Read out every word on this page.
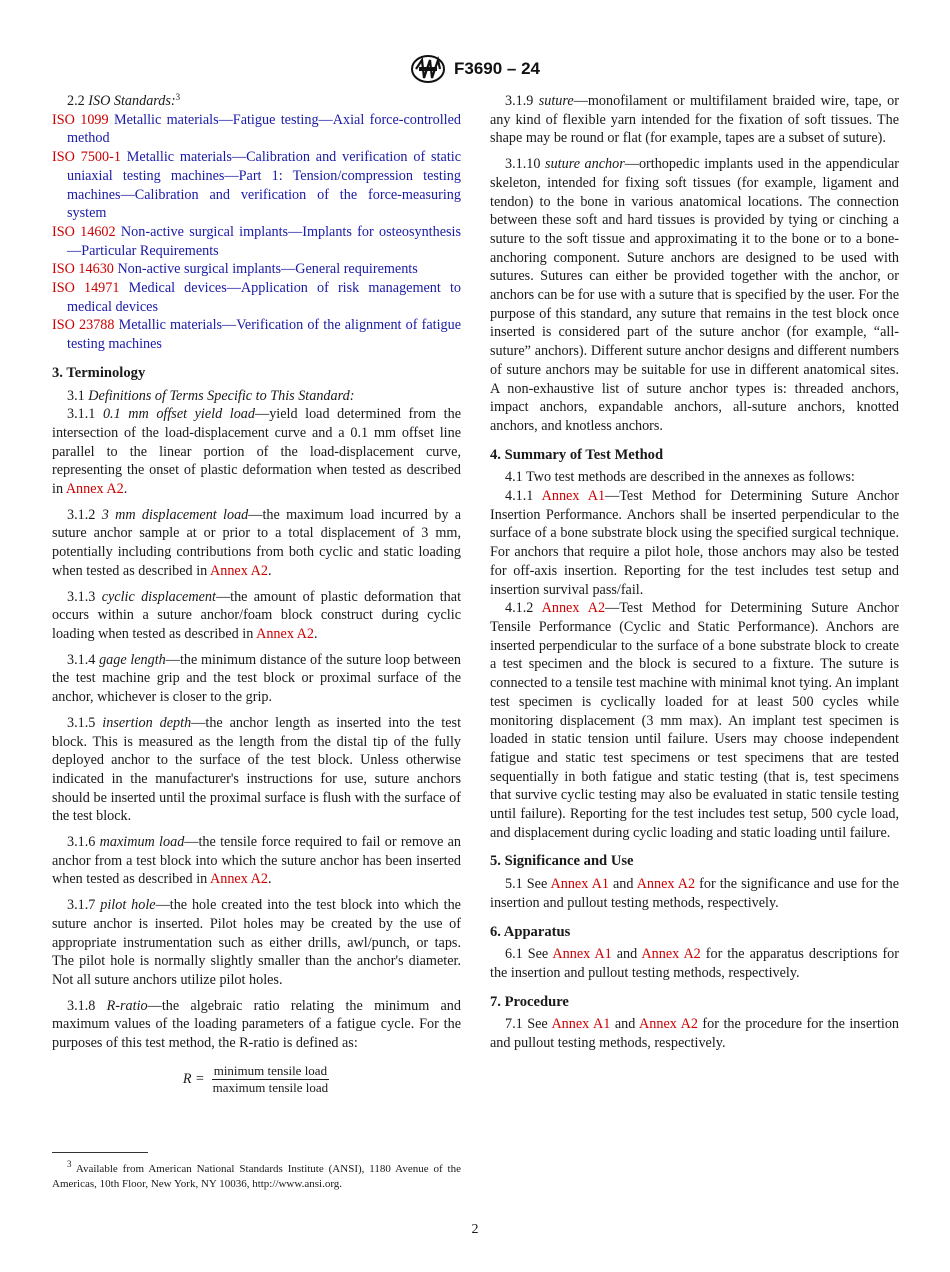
F3690 – 24

2.2 ISO Standards:$^3$

ISO 1099 Metallic materials—Fatigue testing—Axial force-controlled method

ISO 7500-1 Metallic materials—Calibration and verification of static uniaxial testing machines—Part 1: Tension/compression testing machines—Calibration and verification of the force-measuring system

ISO 14602 Non-active surgical implants—Implants for osteosynthesis—Particular Requirements

ISO 14630 Non-active surgical implants—General requirements

ISO 14971 Medical devices—Application of risk management to medical devices

ISO 23788 Metallic materials—Verification of the alignment of fatigue testing machines

3. Terminology

3.1 Definitions of Terms Specific to This Standard:

3.1.1 0.1 mm offset yield load—yield load determined from the intersection of the load-displacement curve and a 0.1 mm offset line parallel to the linear portion of the load-displacement curve, representing the onset of plastic deformation when tested as described in Annex A2.

3.1.2 3 mm displacement load—the maximum load incurred by a suture anchor sample at or prior to a total displacement of 3 mm, potentially including contributions from both cyclic and static loading when tested as described in Annex A2.

3.1.3 cyclic displacement—the amount of plastic deformation that occurs within a suture anchor/foam block construct during cyclic loading when tested as described in Annex A2.

3.1.4 gage length—the minimum distance of the suture loop between the test machine grip and the test block or proximal surface of the anchor, whichever is closer to the grip.

3.1.5 insertion depth—the anchor length as inserted into the test block. This is measured as the length from the distal tip of the fully deployed anchor to the surface of the test block. Unless otherwise indicated in the manufacturer's instructions for use, suture anchors should be inserted until the proximal surface is flush with the surface of the test block.

3.1.6 maximum load—the tensile force required to fail or remove an anchor from a test block into which the suture anchor has been inserted when tested as described in Annex A2.

3.1.7 pilot hole—the hole created into the test block into which the suture anchor is inserted. Pilot holes may be created by the use of appropriate instrumentation such as either drills, awl/punch, or taps. The pilot hole is normally slightly smaller than the anchor's diameter. Not all suture anchors utilize pilot holes.

3.1.8 R-ratio—the algebraic ratio relating the minimum and maximum values of the loading parameters of a fatigue cycle. For the purposes of this test method, the R-ratio is defined as:

$R = \frac{\text{minimum tensile load}}{\text{maximum tensile load}}$

$^3$ Available from American National Standards Institute (ANSI), 1180 Avenue of the Americas, 10th Floor, New York, NY 10036, http://www.ansi.org.

3.1.9 suture—monofilament or multifilament braided wire, tape, or any kind of flexible yarn intended for the fixation of soft tissues. The shape may be round or flat (for example, tapes are a subset of suture).

3.1.10 suture anchor—orthopedic implants used in the appendicular skeleton, intended for fixing soft tissues (for example, ligament and tendon) to the bone in various anatomical locations. The connection between these soft and hard tissues is provided by tying or cinching a suture to the soft tissue and approximating it to the bone or to a bone-anchoring component. Suture anchors are designed to be used with sutures. Sutures can either be provided together with the anchor, or anchors can be for use with a suture that is specified by the user. For the purpose of this standard, any suture that remains in the test block once inserted is considered part of the suture anchor (for example, “all-suture” anchors). Different suture anchor designs and different numbers of suture anchors may be suitable for use in different anatomical sites. A non-exhaustive list of suture anchor types is: threaded anchors, impact anchors, expandable anchors, all-suture anchors, knotted anchors, and knotless anchors.

4. Summary of Test Method

4.1 Two test methods are described in the annexes as follows:

4.1.1 Annex A1—Test Method for Determining Suture Anchor Insertion Performance. Anchors shall be inserted perpendicular to the surface of a bone substrate block using the specified surgical technique. For anchors that require a pilot hole, those anchors may also be tested for off-axis insertion. Reporting for the test includes test setup and insertion survival pass/fail.

4.1.2 Annex A2—Test Method for Determining Suture Anchor Tensile Performance (Cyclic and Static Performance). Anchors are inserted perpendicular to the surface of a bone substrate block to create a test specimen and the block is secured to a fixture. The suture is connected to a tensile test machine with minimal knot tying. An implant test specimen is cyclically loaded for at least 500 cycles while monitoring displacement (3 mm max). An implant test specimen is loaded in static tension until failure. Users may choose independent fatigue and static test specimens or test specimens that are tested sequentially in both fatigue and static testing (that is, test specimens that survive cyclic testing may also be evaluated in static tensile testing until failure). Reporting for the test includes test setup, 500 cycle load, and displacement during cyclic loading and static loading until failure.

5. Significance and Use

5.1 See Annex A1 and Annex A2 for the significance and use for the insertion and pullout testing methods, respectively.

6. Apparatus

6.1 See Annex A1 and Annex A2 for the apparatus descriptions for the insertion and pullout testing methods, respectively.

7. Procedure

7.1 See Annex A1 and Annex A2 for the procedure for the insertion and pullout testing methods, respectively.

2
